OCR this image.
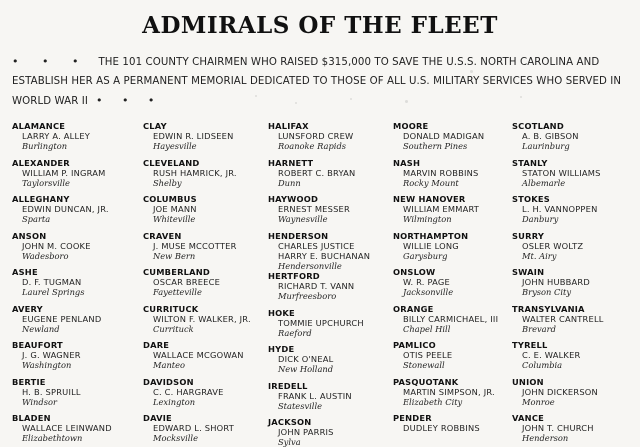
ADMIRALS OF THE FLEET
• • • THE 101 COUNTY CHAIRMEN WHO RAISED $315,000 TO SAVE THE U.S.S. NORTH CAROLINA AND ESTABLISH HER AS A PERMANENT MEMORIAL DEDICATED TO THOSE OF ALL U.S. MILITARY SERVICES WHO SERVED IN WORLD WAR II • • •
ALAMANCE
LARRY A. ALLEY
Burlington
ALEXANDER
WILLIAM P. INGRAM
Taylorsville
ALLEGHANY
EDWIN DUNCAN, JR.
Sparta
ANSON
JOHN M. COOKE
Wadesboro
ASHE
D. F. TUGMAN
Laurel Springs
AVERY
EUGENE PENLAND
Newland
BEAUFORT
J. G. WAGNER
Washington
BERTIE
H. B. SPRUILL
Windsor
BLADEN
WALLACE LEINWAND
Elizabethtown
CLAY
EDWIN R. LIDSEEN
Hayesville
CLEVELAND
RUSH HAMRICK, JR.
Shelby
COLUMBUS
JOE MANN
Whiteville
CRAVEN
J. MUSE MCCOTTER
New Bern
CUMBERLAND
OSCAR BREECE
Fayetteville
CURRITUCK
WILTON F. WALKER, JR.
Currituck
DARE
WALLACE MCGOWAN
Manteo
DAVIDSON
C. C. HARGRAVE
Lexington
DAVIE
EDWARD L. SHORT
Mocksville
HALIFAX
LUNSFORD CREW
Roanoke Rapids
HARNETT
ROBERT C. BRYAN
Dunn
HAYWOOD
ERNEST MESSER
Waynesville
HENDERSON
CHARLES JUSTICE
HARRY E. BUCHANAN
Hendersonville
HERTFORD
RICHARD T. VANN
Murfreesboro
HOKE
TOMMIE UPCHURCH
Raeford
HYDE
DICK O'NEAL
New Holland
IREDELL
FRANK L. AUSTIN
Statesville
JACKSON
JOHN PARRIS
Sylva
MOORE
DONALD MADIGAN
Southern Pines
NASH
MARVIN ROBBINS
Rocky Mount
NEW HANOVER
WILLIAM EMMART
Wilmington
NORTHAMPTON
WILLIE LONG
Garysburg
ONSLOW
W. R. PAGE
Jacksonville
ORANGE
BILLY CARMICHAEL, III
Chapel Hill
PAMLICO
OTIS PEELE
Stonewall
PASQUOTANK
MARTIN SIMPSON, JR.
Elizabeth City
PENDER
DUDLEY ROBBINS
SCOTLAND
A. B. GIBSON
Laurinburg
STANLY
STATON WILLIAMS
Albemarle
STOKES
L. H. VANNOPPEN
Danbury
SURRY
OSLER WOLTZ
Mt. Airy
SWAIN
JOHN HUBBARD
Bryson City
TRANSYLVANIA
WALTER CANTRELL
Brevard
TYRELL
C. E. WALKER
Columbia
UNION
JOHN DICKERSON
Monroe
VANCE
JOHN T. CHURCH
Henderson
